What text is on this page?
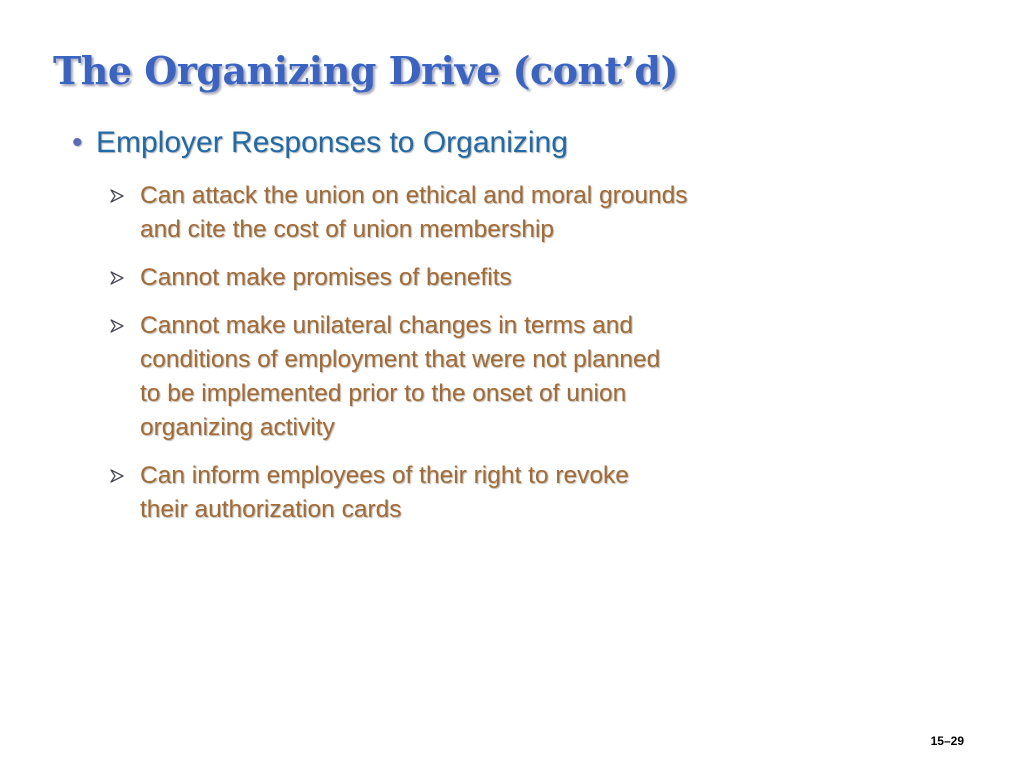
The Organizing Drive (cont’d)
• Employer Responses to Organizing
Can attack the union on ethical and moral grounds
and cite the cost of union membership
Cannot make promises of benefits
Cannot make unilateral changes in terms and
conditions of employment that were not planned
to be implemented prior to the onset of union
organizing activity
Can inform employees of their right to revoke
their authorization cards
15–29
